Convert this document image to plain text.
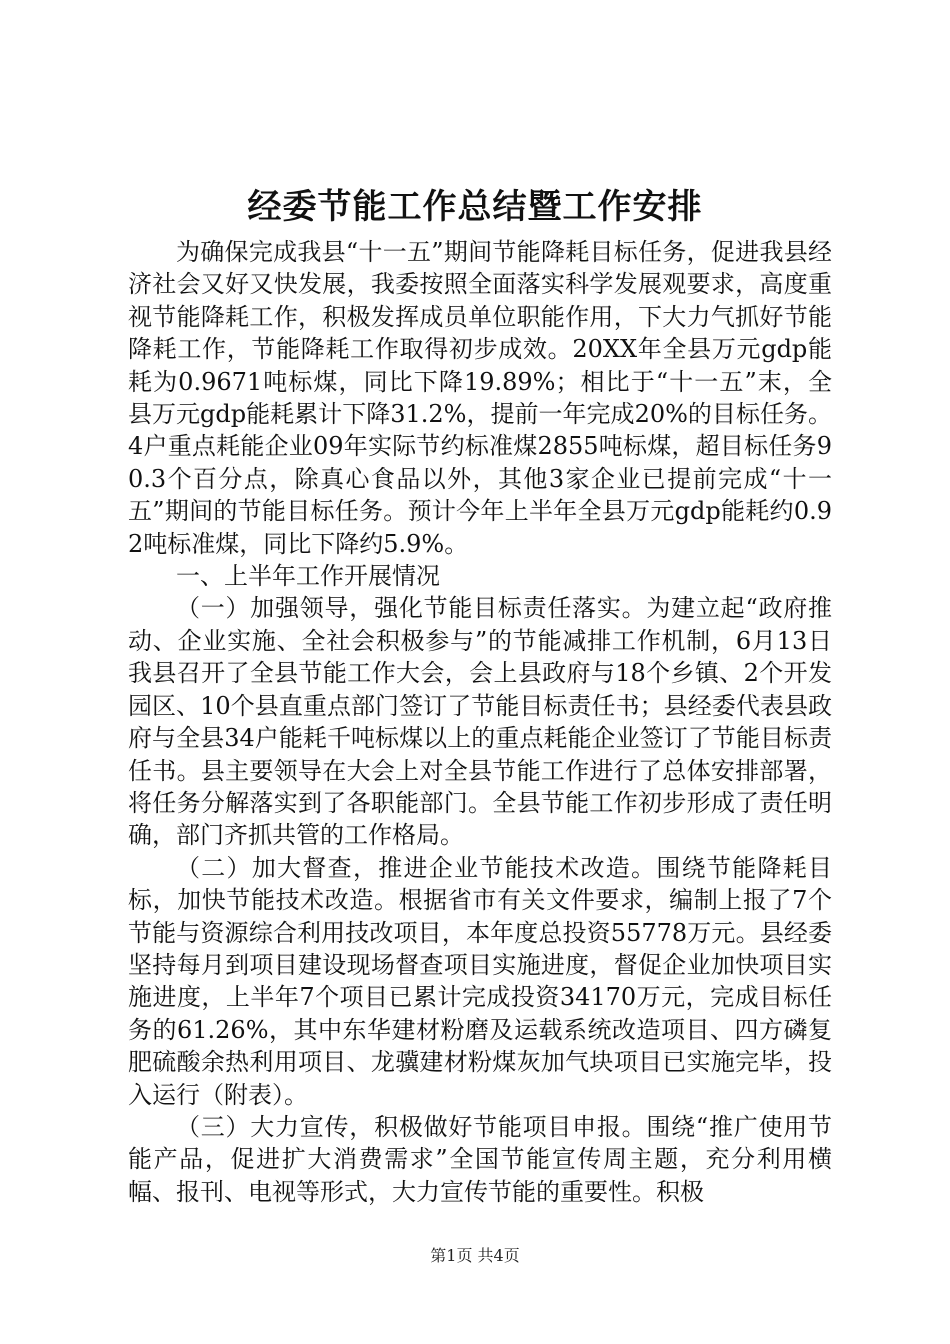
经委节能工作总结暨工作安排

为确保完成我县“十一五”期间节能降耗目标任务，促进我县经济社会又好又快发展，我委按照全面落实科学发展观要求，高度重视节能降耗工作，积极发挥成员单位职能作用，下大力气抓好节能降耗工作，节能降耗工作取得初步成效。20XX年全县万元gdp能耗为0.9671吨标煤，同比下降19.89%；相比于“十一五”末，全县万元gdp能耗累计下降31.2%，提前一年完成20%的目标任务。4户重点耗能企业09年实际节约标准煤2855吨标煤，超目标任务90.3个百分点，除真心食品以外，其他3家企业已提前完成“十一五”期间的节能目标任务。预计今年上半年全县万元gdp能耗约0.92吨标准煤，同比下降约5.9%。

一、上半年工作开展情况

（一）加强领导，强化节能目标责任落实。为建立起“政府推动、企业实施、全社会积极参与”的节能减排工作机制，6月13日我县召开了全县节能工作大会，会上县政府与18个乡镇、2个开发园区、10个县直重点部门签订了节能目标责任书；县经委代表县政府与全县34户能耗千吨标煤以上的重点耗能企业签订了节能目标责任书。县主要领导在大会上对全县节能工作进行了总体安排部署，将任务分解落实到了各职能部门。全县节能工作初步形成了责任明确，部门齐抓共管的工作格局。

（二）加大督查，推进企业节能技术改造。围绕节能降耗目标，加快节能技术改造。根据省市有关文件要求，编制上报了7个节能与资源综合利用技改项目，本年度总投资55778万元。县经委坚持每月到项目建设现场督查项目实施进度，督促企业加快项目实施进度，上半年7个项目已累计完成投资34170万元，完成目标任务的61.26%，其中东华建材粉磨及运载系统改造项目、四方磷复肥硫酸余热利用项目、龙骥建材粉煤灰加气块项目已实施完毕，投入运行（附表）。

（三）大力宣传，积极做好节能项目申报。围绕“推广使用节能产品，促进扩大消费需求”全国节能宣传周主题，充分利用横幅、报刊、电视等形式，大力宣传节能的重要性。积极

第1页 共4页
